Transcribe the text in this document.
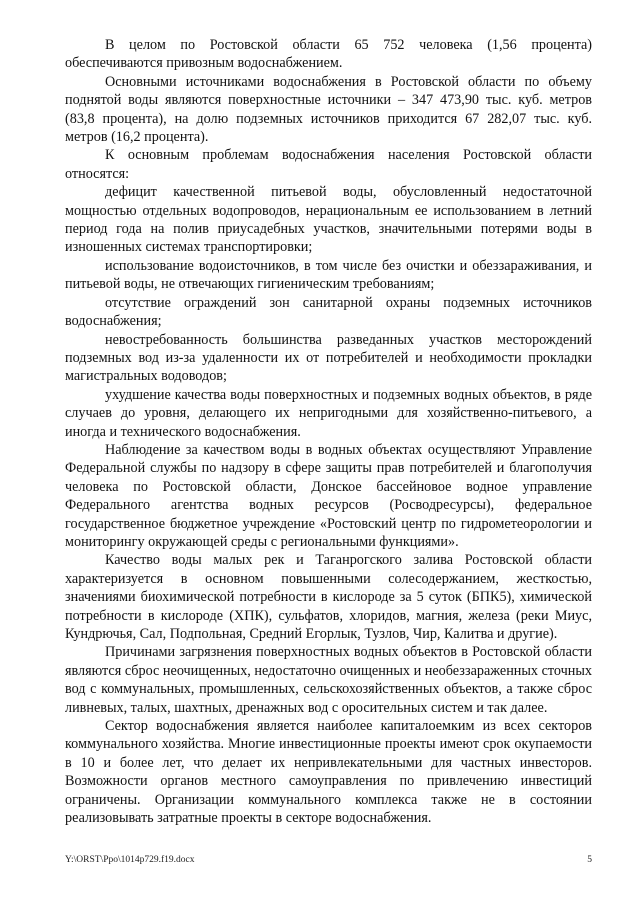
В целом по Ростовской области 65 752 человека (1,56 процента) обеспечиваются привозным водоснабжением.

Основными источниками водоснабжения в Ростовской области по объему поднятой воды являются поверхностные источники – 347 473,90 тыс. куб. метров (83,8 процента), на долю подземных источников приходится 67 282,07 тыс. куб. метров (16,2 процента).

К основным проблемам водоснабжения населения Ростовской области относятся:

дефицит качественной питьевой воды, обусловленный недостаточной мощностью отдельных водопроводов, нерациональным ее использованием в летний период года на полив приусадебных участков, значительными потерями воды в изношенных системах транспортировки;

использование водоисточников, в том числе без очистки и обеззараживания, и питьевой воды, не отвечающих гигиеническим требованиям;

отсутствие ограждений зон санитарной охраны подземных источников водоснабжения;

невостребованность большинства разведанных участков месторождений подземных вод из-за удаленности их от потребителей и необходимости прокладки магистральных водоводов;

ухудшение качества воды поверхностных и подземных водных объектов, в ряде случаев до уровня, делающего их непригодными для хозяйственно-питьевого, а иногда и технического водоснабжения.

Наблюдение за качеством воды в водных объектах осуществляют Управление Федеральной службы по надзору в сфере защиты прав потребителей и благополучия человека по Ростовской области, Донское бассейновое водное управление Федерального агентства водных ресурсов (Росводресурсы), федеральное государственное бюджетное учреждение «Ростовский центр по гидрометеорологии и мониторингу окружающей среды с региональными функциями».

Качество воды малых рек и Таганрогского залива Ростовской области характеризуется в основном повышенными солесодержанием, жесткостью, значениями биохимической потребности в кислороде за 5 суток (БПК5), химической потребности в кислороде (ХПК), сульфатов, хлоридов, магния, железа (реки Миус, Кундрючья, Сал, Подпольная, Средний Егорлык, Тузлов, Чир, Калитва и другие).

Причинами загрязнения поверхностных водных объектов в Ростовской области являются сброс неочищенных, недостаточно очищенных и необеззараженных сточных вод с коммунальных, промышленных, сельскохозяйственных объектов, а также сброс ливневых, талых, шахтных, дренажных вод с оросительных систем и так далее.

Сектор водоснабжения является наиболее капиталоемким из всех секторов коммунального хозяйства. Многие инвестиционные проекты имеют срок окупаемости в 10 и более лет, что делает их непривлекательными для частных инвесторов. Возможности органов местного самоуправления по привлечению инвестиций ограничены. Организации коммунального комплекса также не в состоянии реализовывать затратные проекты в секторе водоснабжения.

Y:\ORST\Ppo\1014p729.f19.docx	5
